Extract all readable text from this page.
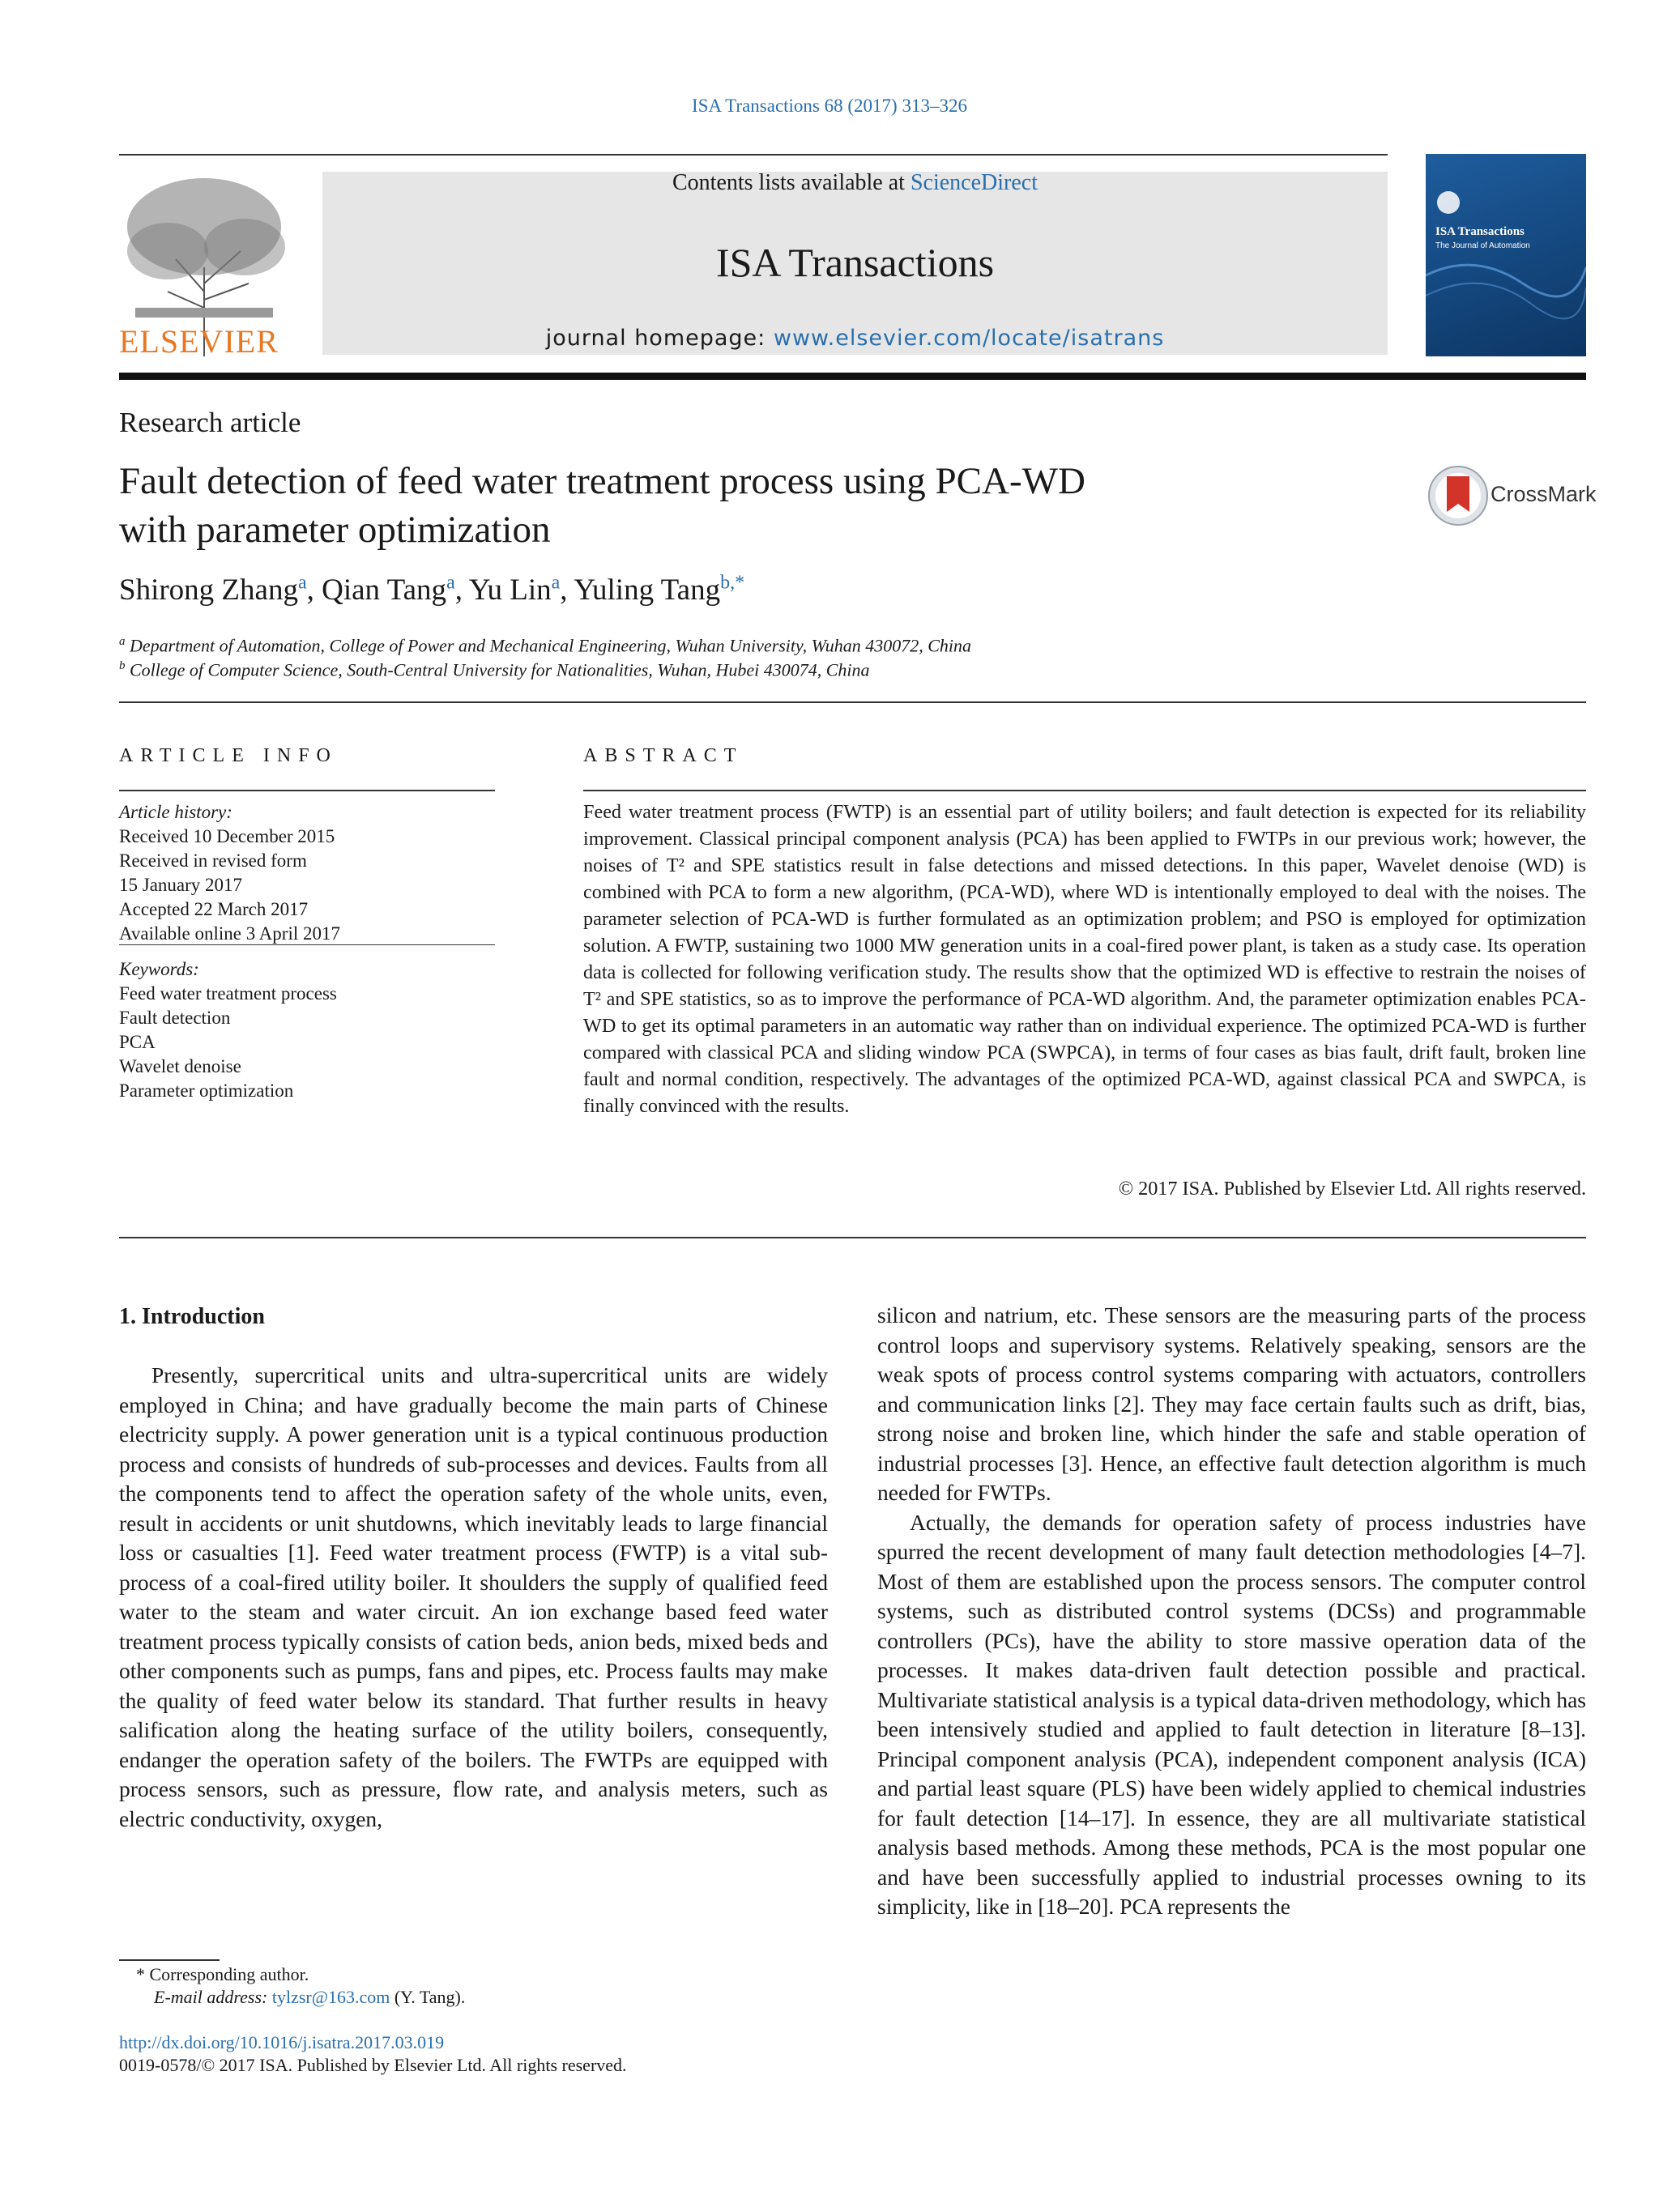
ISA Transactions 68 (2017) 313–326
ELSEVIER
Contents lists available at ScienceDirect
ISA Transactions
journal homepage: www.elsevier.com/locate/isatrans
ISA Transactions
The Journal of Automation
Research article
Fault detection of feed water treatment process using PCA-WD
with parameter optimization
CrossMark
Shirong Zhang$^a$, Qian Tang$^a$, Yu Lin$^a$, Yuling Tang$^{b,*}$
$^a$ Department of Automation, College of Power and Mechanical Engineering, Wuhan University, Wuhan 430072, China
$^b$ College of Computer Science, South-Central University for Nationalities, Wuhan, Hubei 430074, China
ARTICLE INFO
Article history:
Received 10 December 2015
Received in revised form
15 January 2017
Accepted 22 March 2017
Available online 3 April 2017
Keywords:
Feed water treatment process
Fault detection
PCA
Wavelet denoise
Parameter optimization
ABSTRACT
Feed water treatment process (FWTP) is an essential part of utility boilers; and fault detection is expected for its reliability improvement. Classical principal component analysis (PCA) has been applied to FWTPs in our previous work; however, the noises of T² and SPE statistics result in false detections and missed detections. In this paper, Wavelet denoise (WD) is combined with PCA to form a new algorithm, (PCA-WD), where WD is intentionally employed to deal with the noises. The parameter selection of PCA-WD is further formulated as an optimization problem; and PSO is employed for optimization solution. A FWTP, sustaining two 1000 MW generation units in a coal-fired power plant, is taken as a study case. Its operation data is collected for following verification study. The results show that the optimized WD is effective to restrain the noises of T² and SPE statistics, so as to improve the performance of PCA-WD algorithm. And, the parameter optimization enables PCA-WD to get its optimal parameters in an automatic way rather than on individual experience. The optimized PCA-WD is further compared with classical PCA and sliding window PCA (SWPCA), in terms of four cases as bias fault, drift fault, broken line fault and normal condition, respectively. The advantages of the optimized PCA-WD, against classical PCA and SWPCA, is finally convinced with the results.
© 2017 ISA. Published by Elsevier Ltd. All rights reserved.
1. Introduction

Presently, supercritical units and ultra-supercritical units are widely employed in China; and have gradually become the main parts of Chinese electricity supply. A power generation unit is a typical continuous production process and consists of hundreds of sub-processes and devices. Faults from all the components tend to affect the operation safety of the whole units, even, result in accidents or unit shutdowns, which inevitably leads to large financial loss or casualties [1]. Feed water treatment process (FWTP) is a vital sub-process of a coal-fired utility boiler. It shoulders the supply of qualified feed water to the steam and water circuit. An ion exchange based feed water treatment process typically consists of cation beds, anion beds, mixed beds and other components such as pumps, fans and pipes, etc. Process faults may make the quality of feed water below its standard. That further results in heavy salification along the heating surface of the utility boilers, consequently, endanger the operation safety of the boilers. The FWTPs are equipped with process sensors, such as pressure, flow rate, and analysis meters, such as electric conductivity, oxygen,

silicon and natrium, etc. These sensors are the measuring parts of the process control loops and supervisory systems. Relatively speaking, sensors are the weak spots of process control systems comparing with actuators, controllers and communication links [2]. They may face certain faults such as drift, bias, strong noise and broken line, which hinder the safe and stable operation of industrial processes [3]. Hence, an effective fault detection algorithm is much needed for FWTPs.

Actually, the demands for operation safety of process industries have spurred the recent development of many fault detection methodologies [4–7]. Most of them are established upon the process sensors. The computer control systems, such as distributed control systems (DCSs) and programmable controllers (PCs), have the ability to store massive operation data of the processes. It makes data-driven fault detection possible and practical. Multivariate statistical analysis is a typical data-driven methodology, which has been intensively studied and applied to fault detection in literature [8–13]. Principal component analysis (PCA), independent component analysis (ICA) and partial least square (PLS) have been widely applied to chemical industries for fault detection [14–17]. In essence, they are all multivariate statistical analysis based methods. Among these methods, PCA is the most popular one and have been successfully applied to industrial processes owning to its simplicity, like in [18–20]. PCA represents the

* Corresponding author.
E-mail address: tylzsr@163.com (Y. Tang).
http://dx.doi.org/10.1016/j.isatra.2017.03.019
0019-0578/© 2017 ISA. Published by Elsevier Ltd. All rights reserved.
